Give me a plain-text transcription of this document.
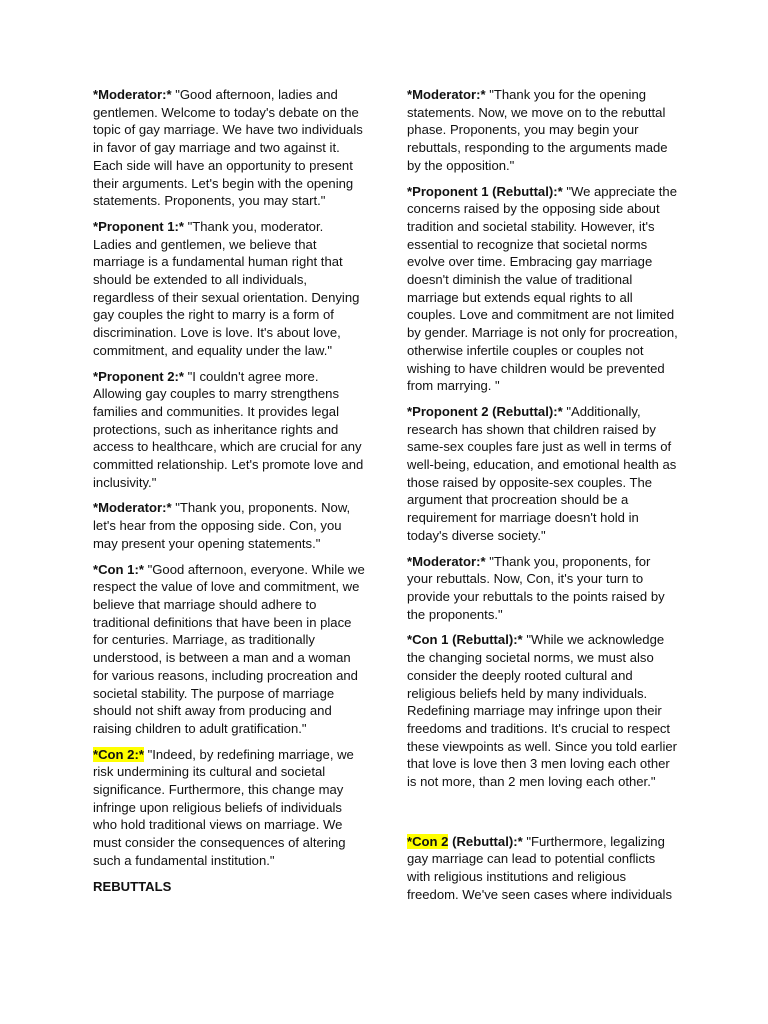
*Moderator:* "Good afternoon, ladies and gentlemen. Welcome to today's debate on the topic of gay marriage. We have two individuals in favor of gay marriage and two against it. Each side will have an opportunity to present their arguments. Let's begin with the opening statements. Proponents, you may start."

*Proponent 1:* "Thank you, moderator. Ladies and gentlemen, we believe that marriage is a fundamental human right that should be extended to all individuals, regardless of their sexual orientation. Denying gay couples the right to marry is a form of discrimination. Love is love. It's about love, commitment, and equality under the law."

*Proponent 2:* "I couldn't agree more. Allowing gay couples to marry strengthens families and communities. It provides legal protections, such as inheritance rights and access to healthcare, which are crucial for any committed relationship. Let's promote love and inclusivity."

*Moderator:* "Thank you, proponents. Now, let's hear from the opposing side. Con, you may present your opening statements."

*Con 1:* "Good afternoon, everyone. While we respect the value of love and commitment, we believe that marriage should adhere to traditional definitions that have been in place for centuries. Marriage, as traditionally understood, is between a man and a woman for various reasons, including procreation and societal stability. The purpose of marriage should not shift away from producing and raising children to adult gratification."

*Con 2:* "Indeed, by redefining marriage, we risk undermining its cultural and societal significance. Furthermore, this change may infringe upon religious beliefs of individuals who hold traditional views on marriage. We must consider the consequences of altering such a fundamental institution."

REBUTTALS

*Moderator:* "Thank you for the opening statements. Now, we move on to the rebuttal phase. Proponents, you may begin your rebuttals, responding to the arguments made by the opposition."

*Proponent 1 (Rebuttal):* "We appreciate the concerns raised by the opposing side about tradition and societal stability. However, it's essential to recognize that societal norms evolve over time. Embracing gay marriage doesn't diminish the value of traditional marriage but extends equal rights to all couples. Love and commitment are not limited by gender. Marriage is not only for procreation, otherwise infertile couples or couples not wishing to have children would be prevented from marrying. "

*Proponent 2 (Rebuttal):* "Additionally, research has shown that children raised by same-sex couples fare just as well in terms of well-being, education, and emotional health as those raised by opposite-sex couples. The argument that procreation should be a requirement for marriage doesn't hold in today's diverse society."

*Moderator:* "Thank you, proponents, for your rebuttals. Now, Con, it's your turn to provide your rebuttals to the points raised by the proponents."

*Con 1 (Rebuttal):* "While we acknowledge the changing societal norms, we must also consider the deeply rooted cultural and religious beliefs held by many individuals. Redefining marriage may infringe upon their freedoms and traditions. It's crucial to respect these viewpoints as well. Since you told earlier that love is love then 3 men loving each other is not more, than 2 men loving each other."

*Con 2 (Rebuttal):* "Furthermore, legalizing gay marriage can lead to potential conflicts with religious institutions and religious freedom. We've seen cases where individuals
